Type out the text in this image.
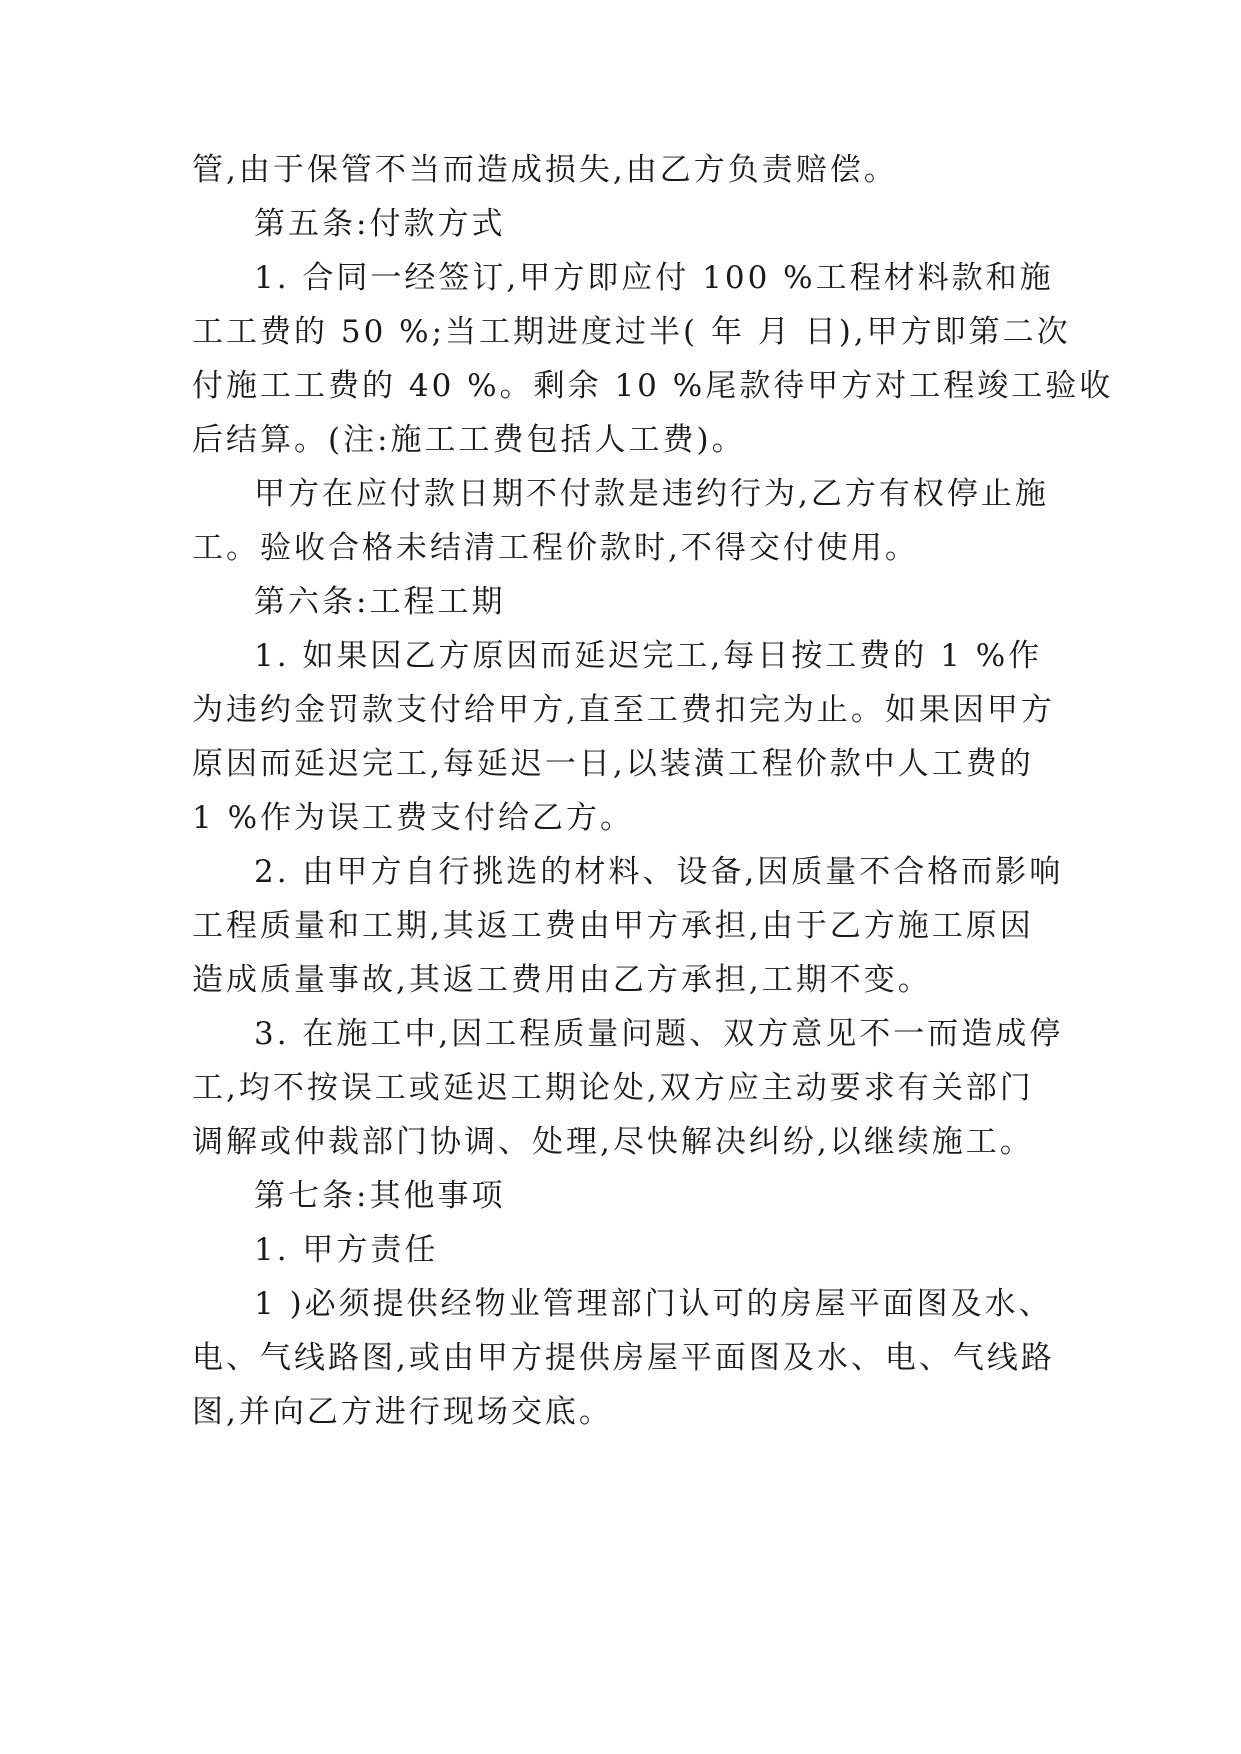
管,由于保管不当而造成损失,由乙方负责赔偿。
第五条:付款方式
1. 合同一经签订,甲方即应付 100 %工程材料款和施
工工费的 50 %;当工期进度过半( 年 月 日),甲方即第二次
付施工工费的 40 %。剩余 10 %尾款待甲方对工程竣工验收
后结算。(注:施工工费包括人工费)。
甲方在应付款日期不付款是违约行为,乙方有权停止施
工。验收合格未结清工程价款时,不得交付使用。
第六条:工程工期
1. 如果因乙方原因而延迟完工,每日按工费的 1 %作
为违约金罚款支付给甲方,直至工费扣完为止。如果因甲方
原因而延迟完工,每延迟一日,以装潢工程价款中人工费的
1 %作为误工费支付给乙方。
2. 由甲方自行挑选的材料、设备,因质量不合格而影响
工程质量和工期,其返工费由甲方承担,由于乙方施工原因
造成质量事故,其返工费用由乙方承担,工期不变。
3. 在施工中,因工程质量问题、双方意见不一而造成停
工,均不按误工或延迟工期论处,双方应主动要求有关部门
调解或仲裁部门协调、处理,尽快解决纠纷,以继续施工。
第七条:其他事项
1. 甲方责任
1 )必须提供经物业管理部门认可的房屋平面图及水、
电、气线路图,或由甲方提供房屋平面图及水、电、气线路
图,并向乙方进行现场交底。
